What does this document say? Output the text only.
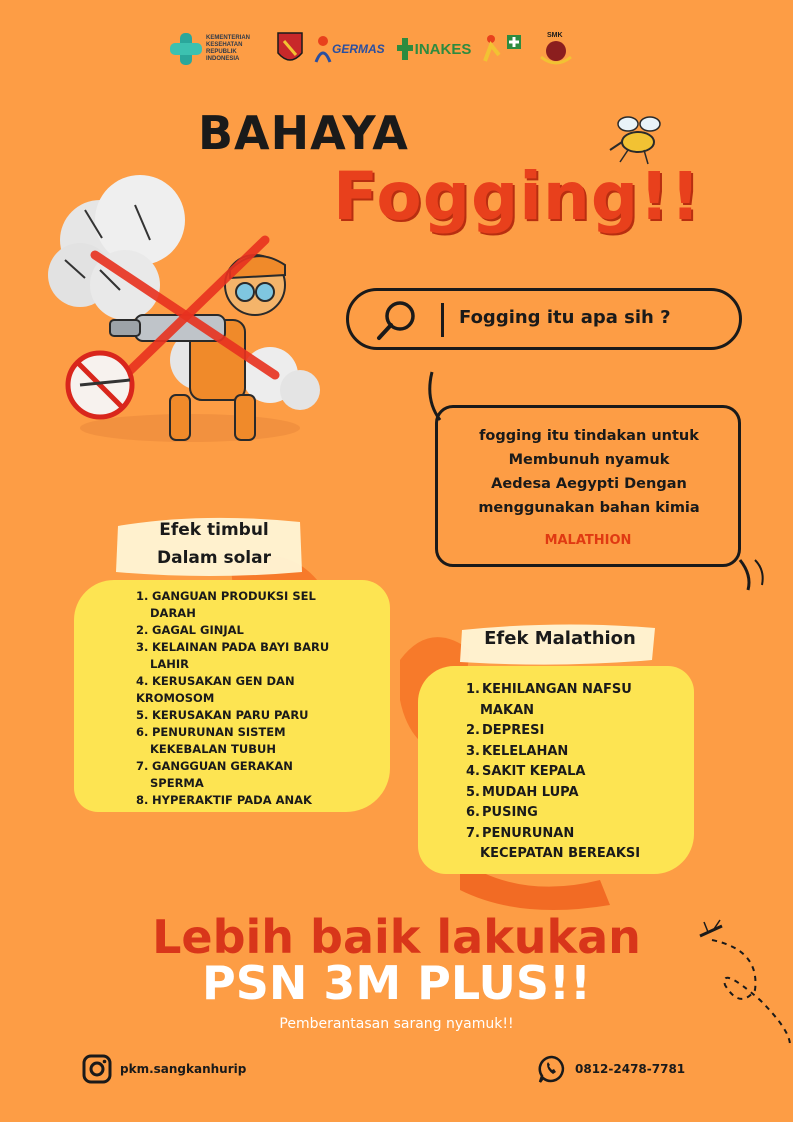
KEMENTERIAN KESEHATAN REPUBLIK INDONESIA
GERMAS INAKES
SMK
BAHAYA
Fogging!!
Fogging itu apa sih ?
fogging itu tindakan untuk
Membunuh nyamuk
Aedesa Aegypti Dengan
menggunakan bahan kimia
MALATHION
Efek timbul
Dalam solar
1. GANGUAN PRODUKSI SEL
DARAH
2. GAGAL GINJAL
3. KELAINAN PADA BAYI BARU
LAHIR
4. KERUSAKAN GEN DAN
KROMOSOM
5. KERUSAKAN PARU PARU
6. PENURUNAN SISTEM
KEKEBALAN TUBUH
7. GANGGUAN GERAKAN
SPERMA
8. HYPERAKTIF PADA ANAK
Efek Malathion
1. KEHILANGAN NAFSU
MAKAN
2. DEPRESI
3. KELELAHAN
4. SAKIT KEPALA
5. MUDAH LUPA
6. PUSING
7. PENURUNAN
KECEPATAN BEREAKSI
Lebih baik lakukan
PSN 3M PLUS!!
Pemberantasan sarang nyamuk!!
pkm.sangkanhurip	0812-2478-7781
